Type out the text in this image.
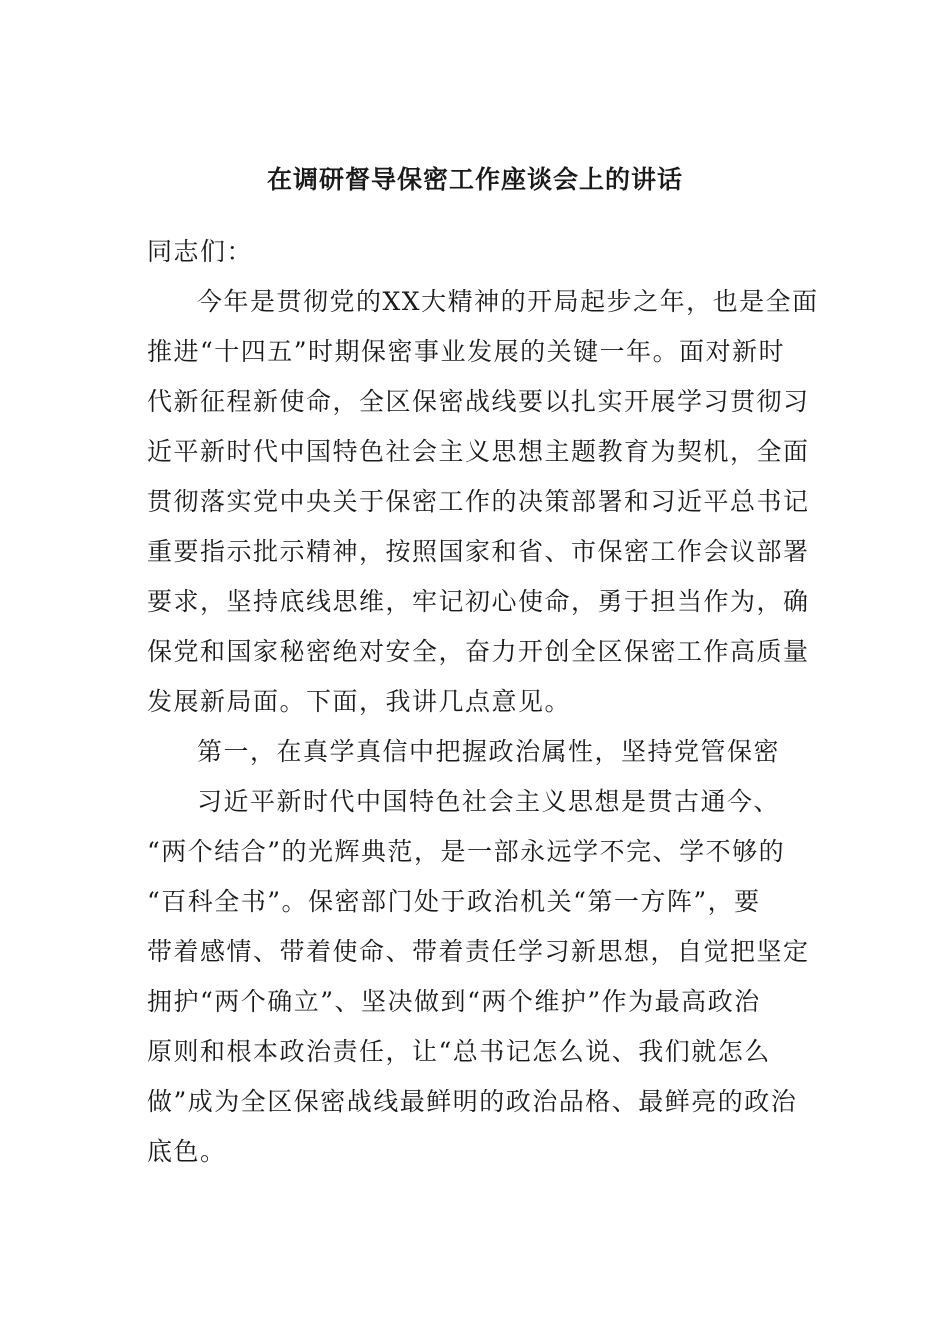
在调研督导保密工作座谈会上的讲话
同志们：
今年是贯彻党的XX大精神的开局起步之年，也是全面
推进“十四五”时期保密事业发展的关键一年。面对新时
代新征程新使命，全区保密战线要以扎实开展学习贯彻习
近平新时代中国特色社会主义思想主题教育为契机，全面
贯彻落实党中央关于保密工作的决策部署和习近平总书记
重要指示批示精神，按照国家和省、市保密工作会议部署
要求，坚持底线思维，牢记初心使命，勇于担当作为，确
保党和国家秘密绝对安全，奋力开创全区保密工作高质量
发展新局面。下面，我讲几点意见。
第一，在真学真信中把握政治属性，坚持党管保密
习近平新时代中国特色社会主义思想是贯古通今、
“两个结合”的光辉典范，是一部永远学不完、学不够的
“百科全书”。保密部门处于政治机关“第一方阵”，要
带着感情、带着使命、带着责任学习新思想，自觉把坚定
拥护“两个确立”、坚决做到“两个维护”作为最高政治
原则和根本政治责任，让“总书记怎么说、我们就怎么
做”成为全区保密战线最鲜明的政治品格、最鲜亮的政治
底色。
